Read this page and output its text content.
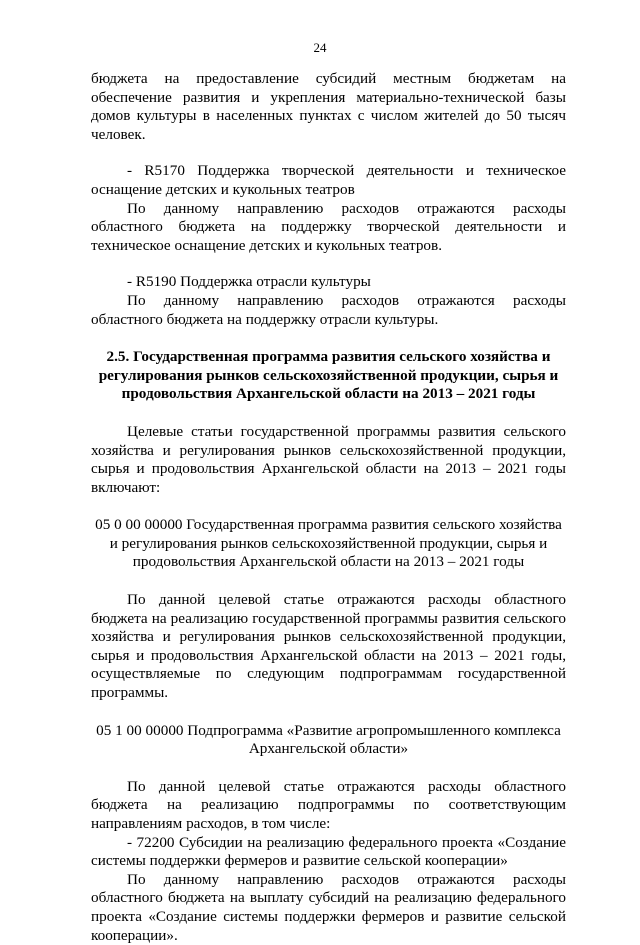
24

бюджета на предоставление субсидий местным бюджетам на обеспечение развития и укрепления материально-технической базы домов культуры в населенных пунктах с числом жителей до 50 тысяч человек.

- R5170 Поддержка творческой деятельности и техническое оснащение детских и кукольных театров

По данному направлению расходов отражаются расходы областного бюджета на поддержку творческой деятельности и техническое оснащение детских и кукольных театров.

- R5190 Поддержка отрасли культуры

По данному направлению расходов отражаются расходы областного бюджета на поддержку отрасли культуры.

2.5. Государственная программа развития сельского хозяйства и регулирования рынков сельскохозяйственной продукции, сырья и продовольствия Архангельской области на 2013 – 2021 годы

Целевые статьи государственной программы развития сельского хозяйства и регулирования рынков сельскохозяйственной продукции, сырья и продовольствия Архангельской области на 2013 – 2021 годы включают:

05 0 00 00000 Государственная программа развития сельского хозяйства и регулирования рынков сельскохозяйственной продукции, сырья и продовольствия Архангельской области на 2013 – 2021 годы

По данной целевой статье отражаются расходы областного бюджета на реализацию государственной программы развития сельского хозяйства и регулирования рынков сельскохозяйственной продукции, сырья и продовольствия Архангельской области на 2013 – 2021 годы, осуществляемые по следующим подпрограммам государственной программы.

05 1 00 00000 Подпрограмма «Развитие агропромышленного комплекса Архангельской области»

По данной целевой статье отражаются расходы областного бюджета на реализацию подпрограммы по соответствующим направлениям расходов, в том числе:

- 72200 Субсидии на реализацию федерального проекта «Создание системы поддержки фермеров и развитие сельской кооперации»

По данному направлению расходов отражаются расходы областного бюджета на выплату субсидий на реализацию федерального проекта «Создание системы поддержки фермеров и развитие сельской кооперации».
